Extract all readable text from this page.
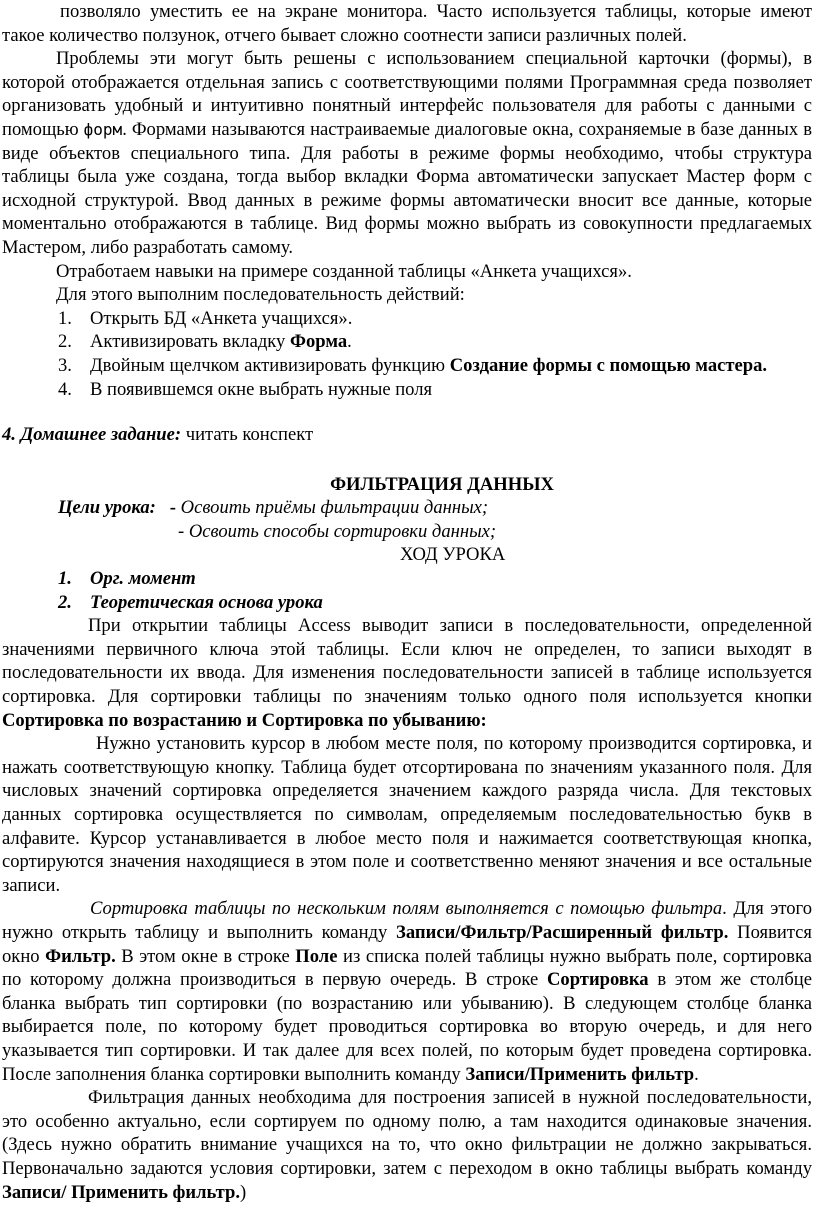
позволяло уместить ее на экране монитора. Часто используется таблицы, которые имеют такое количество ползунок, отчего бывает сложно соотнести записи различных полей.

Проблемы эти могут быть решены с использованием специальной карточки (формы), в которой отображается отдельная запись с соответствующими полями Программная среда позволяет организовать удобный и интуитивно понятный интерфейс пользователя для работы с данными с помощью форм. Формами называются настраиваемые диалоговые окна, сохраняемые в базе данных в виде объектов специального типа. Для работы в режиме формы необходимо, чтобы структура таблицы была уже создана, тогда выбор вкладки Форма автоматически запускает Мастер форм с исходной структурой. Ввод данных в режиме формы автоматически вносит все данные, которые моментально отображаются в таблице. Вид формы можно выбрать из совокупности предлагаемых Мастером, либо разработать самому.

Отработаем навыки на примере созданной таблицы «Анкета учащихся».

Для этого выполним последовательность действий:

1. Открыть БД «Анкета учащихся».
2. Активизировать вкладку Форма.
3. Двойным щелчком активизировать функцию Создание формы с помощью мастера.
4. В появившемся окне выбрать нужные поля

4. Домашнее задание: читать конспект

ФИЛЬТРАЦИЯ ДАННЫХ

Цели урока:   - Освоить приёмы фильтрации данных;

- Освоить способы сортировки данных;

ХОД УРОКА

1. Орг. момент
2. Теоретическая основа урока

При открытии таблицы Access выводит записи в последовательности, определенной значениями первичного ключа этой таблицы. Если ключ не определен, то записи выходят в последовательности их ввода. Для изменения последовательности записей в таблице используется сортировка. Для сортировки таблицы по значениям только одного поля используется кнопки Сортировка по возрастанию и Сортировка по убыванию:

Нужно установить курсор в любом месте поля, по которому производится сортировка, и нажать соответствующую кнопку. Таблица будет отсортирована по значениям указанного поля. Для числовых значений сортировка определяется значением каждого разряда числа. Для текстовых данных сортировка осуществляется по символам, определяемым последовательностью букв в алфавите. Курсор устанавливается в любое место поля и нажимается соответствующая кнопка, сортируются значения находящиеся в этом поле и соответственно меняют значения и все остальные записи.

Сортировка таблицы по нескольким полям выполняется с помощью фильтра. Для этого нужно открыть таблицу и выполнить команду Записи/Фильтр/Расширенный фильтр. Появится окно Фильтр. В этом окне в строке Поле из списка полей таблицы нужно выбрать поле, сортировка по которому должна производиться в первую очередь. В строке Сортировка в этом же столбце бланка выбрать тип сортировки (по возрастанию или убыванию). В следующем столбце бланка выбирается поле, по которому будет проводиться сортировка во вторую очередь, и для него указывается тип сортировки. И так далее для всех полей, по которым будет проведена сортировка. После заполнения бланка сортировки выполнить команду Записи/Применить фильтр.

Фильтрация данных необходима для построения записей в нужной последовательности, это особенно актуально, если сортируем по одному полю, а там находится одинаковые значения. (Здесь нужно обратить внимание учащихся на то, что окно фильтрации не должно закрываться. Первоначально задаются условия сортировки, затем с переходом в окно таблицы выбрать команду Записи/ Применить фильтр.)
